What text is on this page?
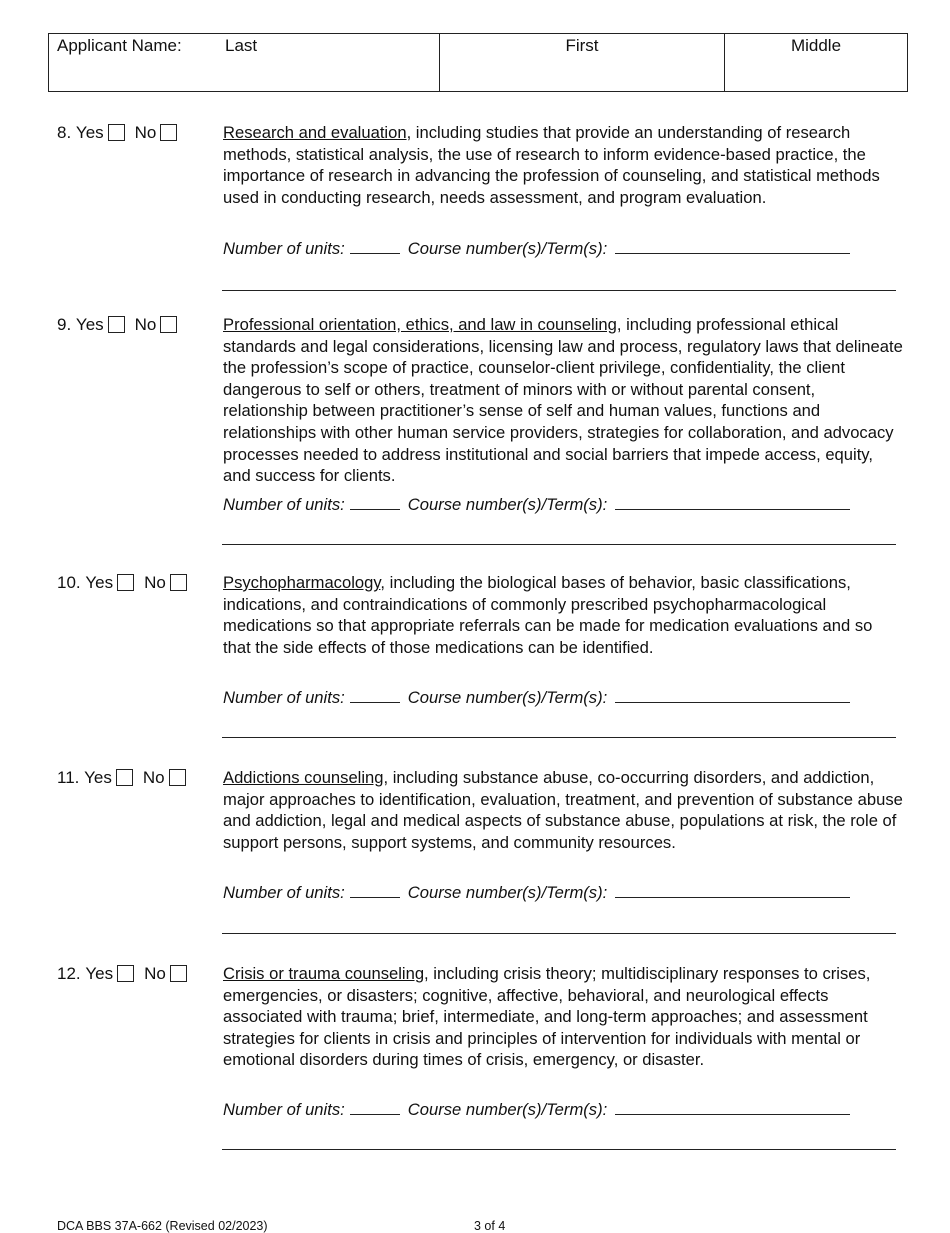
Applicant Name:	Last	First	Middle
8.
Yes No	Research and evaluation, including studies that provide an understanding of research methods, statistical analysis, the use of research to inform evidence-based practice, the importance of research in advancing the profession of counseling, and statistical methods used in conducting research, needs assessment, and program evaluation.
Number of units:	Course number(s)/Term(s):
9.
Yes No	Professional orientation, ethics, and law in counseling, including professional ethical standards and legal considerations, licensing law and process, regulatory laws that delineate the profession’s scope of practice, counselor-client privilege, confidentiality, the client dangerous to self or others, treatment of minors with or without parental consent, relationship between practitioner’s sense of self and human values, functions and relationships with other human service providers, strategies for collaboration, and advocacy processes needed to address institutional and social barriers that impede access, equity, and success for clients.
Number of units:	Course number(s)/Term(s):
10.
Yes No	Psychopharmacology, including the biological bases of behavior, basic classifications, indications, and contraindications of commonly prescribed psychopharmacological medications so that appropriate referrals can be made for medication evaluations and so that the side effects of those medications can be identified.
Number of units:	Course number(s)/Term(s):
11.
Yes No	Addictions counseling, including substance abuse, co-occurring disorders, and addiction, major approaches to identification, evaluation, treatment, and prevention of substance abuse and addiction, legal and medical aspects of substance abuse, populations at risk, the role of support persons, support systems, and community resources.
Number of units:	Course number(s)/Term(s):
12.
Yes No	Crisis or trauma counseling, including crisis theory; multidisciplinary responses to crises, emergencies, or disasters; cognitive, affective, behavioral, and neurological effects associated with trauma; brief, intermediate, and long-term approaches; and assessment strategies for clients in crisis and principles of intervention for individuals with mental or emotional disorders during times of crisis, emergency, or disaster.
Number of units:	Course number(s)/Term(s):
DCA BBS 37A-662 (Revised 02/2023)	3 of 4
